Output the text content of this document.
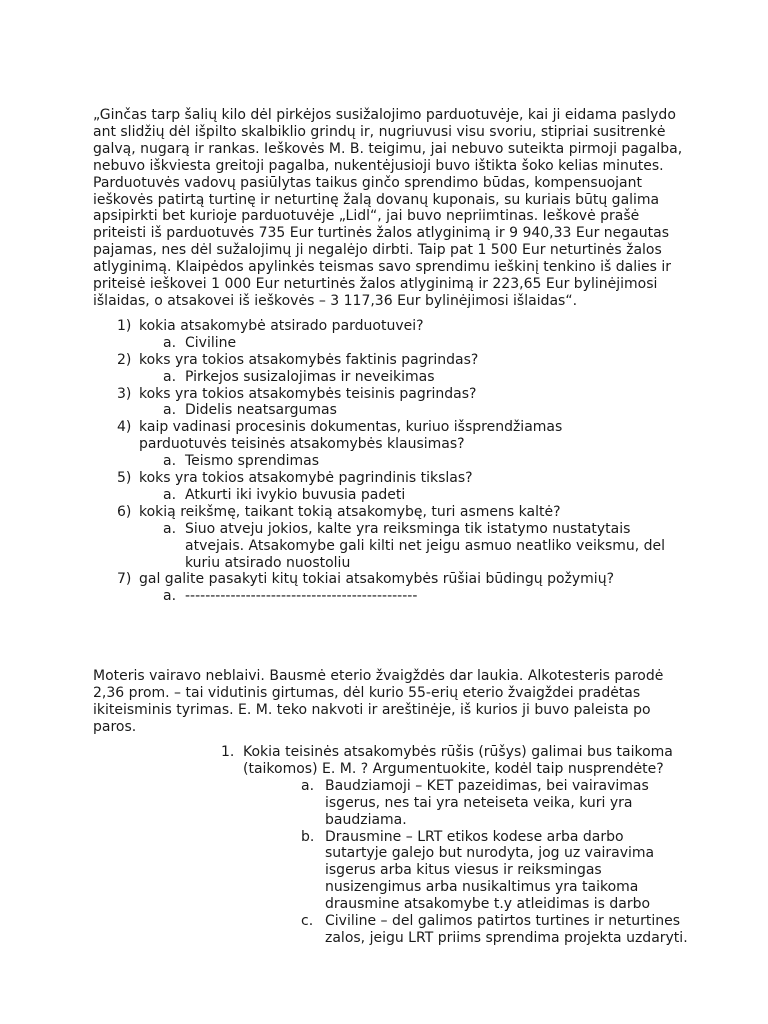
„Ginčas tarp šalių kilo dėl pirkėjos susižalojimo parduotuvėje, kai ji eidama paslydo ant slidžių dėl išpilto skalbiklio grindų ir, nugriuvusi visu svoriu, stipriai susitrenkė galvą, nugarą ir rankas. Ieškovės M. B. teigimu, jai nebuvo suteikta pirmoji pagalba, nebuvo iškviesta greitoji pagalba, nukentėjusioji buvo ištikta šoko kelias minutes. Parduotuvės vadovų pasiūlytas taikus ginčo sprendimo būdas, kompensuojant ieškovės patirtą turtinę ir neturtinę žalą dovanų kuponais, su kuriais būtų galima apsipirkti bet kurioje parduotuvėje „Lidl“, jai buvo nepriimtinas. Ieškovė prašė priteisti iš parduotuvės 735 Eur turtinės žalos atlyginimą ir 9 940,33 Eur negautas pajamas, nes dėl sužalojimų ji negalėjo dirbti. Taip pat 1 500 Eur neturtinės žalos atlyginimą. Klaipėdos apylinkės teismas savo sprendimu ieškinį tenkino iš dalies ir priteisė ieškovei 1 000 Eur neturtinės žalos atlyginimą ir 223,65 Eur bylinėjimosi išlaidas, o atsakovei iš ieškovės – 3 117,36 Eur bylinėjimosi išlaidas“.

1) kokia atsakomybė atsirado parduotuvei?
a. Civiline
2) koks yra tokios atsakomybės faktinis pagrindas?
a. Pirkejos susizalojimas ir neveikimas
3) koks yra tokios atsakomybės teisinis pagrindas?
a. Didelis neatsargumas
4) kaip vadinasi procesinis dokumentas, kuriuo išsprendžiamas parduotuvės teisinės atsakomybės klausimas?
a. Teismo sprendimas
5) koks yra tokios atsakomybė pagrindinis tikslas?
a. Atkurti iki ivykio buvusia padeti
6) kokią reikšmę, taikant tokią atsakomybę, turi asmens kaltė?
a. Siuo atveju jokios, kalte yra reiksminga tik istatymo nustatytais atvejais. Atsakomybe gali kilti net jeigu asmuo neatliko veiksmu, del kuriu atsirado nuostoliu
7) gal galite pasakyti kitų tokiai atsakomybės rūšiai būdingų požymių?
a. ----------------------------------------------

Moteris vairavo neblaivi. Bausmė eterio žvaigždės dar laukia. Alkotesteris parodė 2,36 prom. – tai vidutinis girtumas, dėl kurio 55-erių eterio žvaigždei pradėtas ikiteisminis tyrimas. E. M. teko nakvoti ir areštinėje, iš kurios ji buvo paleista po paros.

1. Kokia teisinės atsakomybės rūšis (rūšys) galimai bus taikoma (taikomos) E. M. ? Argumentuokite, kodėl taip nusprendėte?
a. Baudziamoji – KET pazeidimas, bei vairavimas isgerus, nes tai yra neteiseta veika, kuri yra baudziama.
b. Drausmine – LRT etikos kodese arba darbo sutartyje galejo but nurodyta, jog uz vairavima isgerus arba kitus viesus ir reiksmingas nusizengimus arba nusikaltimus yra taikoma drausmine atsakomybe t.y atleidimas is darbo
c. Civiline – del galimos patirtos turtines ir neturtines zalos, jeigu LRT priims sprendima projekta uzdaryti.
